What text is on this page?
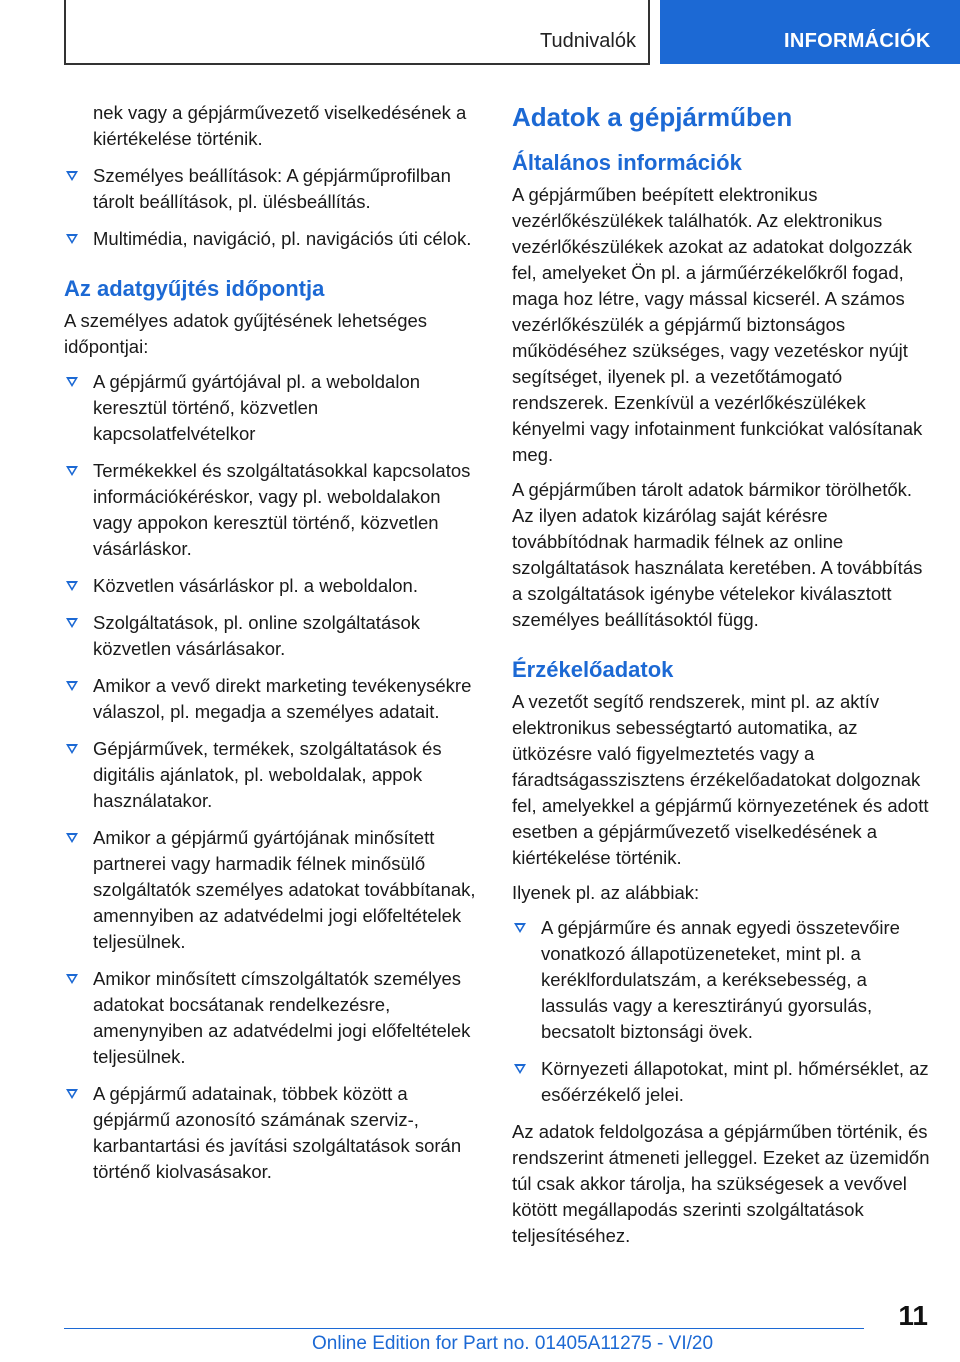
Tudnivalók	INFORMÁCIÓK

nek vagy a gépjárművezető viselkedésének a kiértékelése történik.

Személyes beállítások: A gépjárműprofilban tárolt beállítások, pl. ülésbeállítás.
Multimédia, navigáció, pl. navigációs úti célok.
Az adatgyűjtés időpontja

A személyes adatok gyűjtésének lehetséges időpontjai:

A gépjármű gyártójával pl. a weboldalon keresztül történő, közvetlen kapcsolatfelvételkor
Termékekkel és szolgáltatásokkal kapcsolatos információkéréskor, vagy pl. weboldalakon vagy appokon keresztül történő, közvetlen vásárláskor.
Közvetlen vásárláskor pl. a weboldalon.
Szolgáltatások, pl. online szolgáltatások közvetlen vásárlásakor.
Amikor a vevő direkt marketing tevékenysékre válaszol, pl. megadja a személyes adatait.
Gépjárművek, termékek, szolgáltatások és digitális ajánlatok, pl. weboldalak, appok használatakor.
Amikor a gépjármű gyártójának minősített partnerei vagy harmadik félnek minősülő szolgáltatók személyes adatokat továbbítanak, amennyiben az adatvédelmi jogi előfeltételek teljesülnek.
Amikor minősített címszolgáltatók személyes adatokat bocsátanak rendelkezésre, amenynyiben az adatvédelmi jogi előfeltételek teljesülnek.
A gépjármű adatainak, többek között a gépjármű azonosító számának szerviz-, karbantartási és javítási szolgáltatások során történő kiolvasásakor.
Adatok a gépjárműben
Általános információk

A gépjárműben beépített elektronikus vezérlőkészülékek találhatók. Az elektronikus vezérlőkészülékek azokat az adatokat dolgozzák fel, amelyeket Ön pl. a járműérzékelőkről fogad, maga hoz létre, vagy mással kicserél. A számos vezérlőkészülék a gépjármű biztonságos működéséhez szükséges, vagy vezetéskor nyújt segítséget, ilyenek pl. a vezetőtámogató rendszerek. Ezenkívül a vezérlőkészülékek kényelmi vagy infotainment funkciókat valósítanak meg.

A gépjárműben tárolt adatok bármikor törölhetők. Az ilyen adatok kizárólag saját kérésre továbbítódnak harmadik félnek az online szolgáltatások használata keretében. A továbbítás a szolgáltatások igénybe vételekor kiválasztott személyes beállításoktól függ.

Érzékelőadatok

A vezetőt segítő rendszerek, mint pl. az aktív elektronikus sebességtartó automatika, az ütközésre való figyelmeztetés vagy a fáradtságasszisztens érzékelőadatokat dolgoznak fel, amelyekkel a gépjármű környezetének és adott esetben a gépjárművezető viselkedésének a kiértékelése történik.

Ilyenek pl. az alábbiak:

A gépjárműre és annak egyedi összetevőire vonatkozó állapotüzeneteket, mint pl. a keréklfordulatszám, a keréksebesség, a lassulás vagy a keresztirányú gyorsulás, becsatolt biztonsági övek.
Környezeti állapotokat, mint pl. hőmérséklet, az esőérzékelő jelei.

Az adatok feldolgozása a gépjárműben történik, és rendszerint átmeneti jelleggel. Ezeket az üzemidőn túl csak akkor tárolja, ha szükségesek a vevővel kötött megállapodás szerinti szolgáltatások teljesítéséhez.

11
Online Edition for Part no. 01405A11275 - VI/20
